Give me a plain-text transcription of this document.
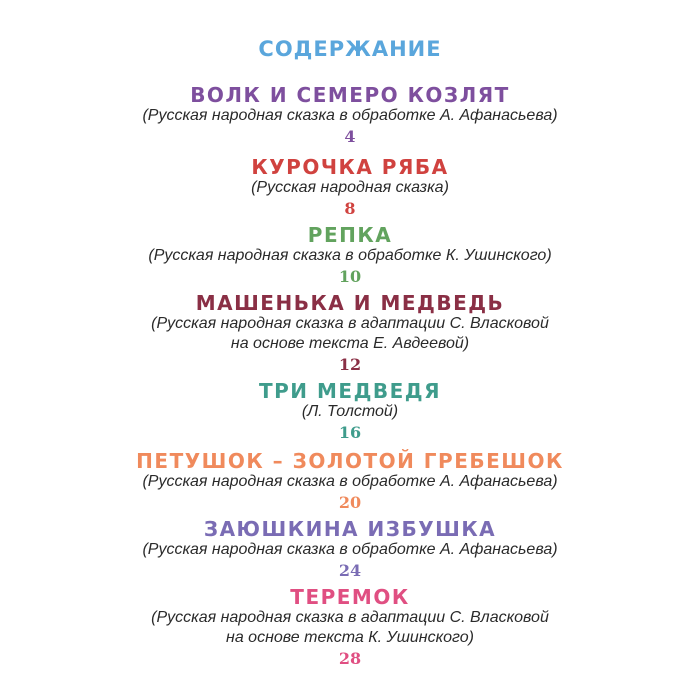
СОДЕРЖАНИЕ
ВОЛК И СЕМЕРО КОЗЛЯТ
(Русская народная сказка в обработке А. Афанасьева)
4
КУРОЧКА РЯБА
(Русская народная сказка)
8
РЕПКА
(Русская народная сказка в обработке К. Ушинского)
10
МАШЕНЬКА И МЕДВЕДЬ
(Русская народная сказка в адаптации С. Власковой
на основе текста Е. Авдеевой)
12
ТРИ МЕДВЕДЯ
(Л. Толстой)
16
ПЕТУШОК – ЗОЛОТОЙ ГРЕБЕШОК
(Русская народная сказка в обработке А. Афанасьева)
20
ЗАЮШКИНА ИЗБУШКА
(Русская народная сказка в обработке А. Афанасьева)
24
ТЕРЕМОК
(Русская народная сказка в адаптации С. Власковой
на основе текста К. Ушинского)
28
